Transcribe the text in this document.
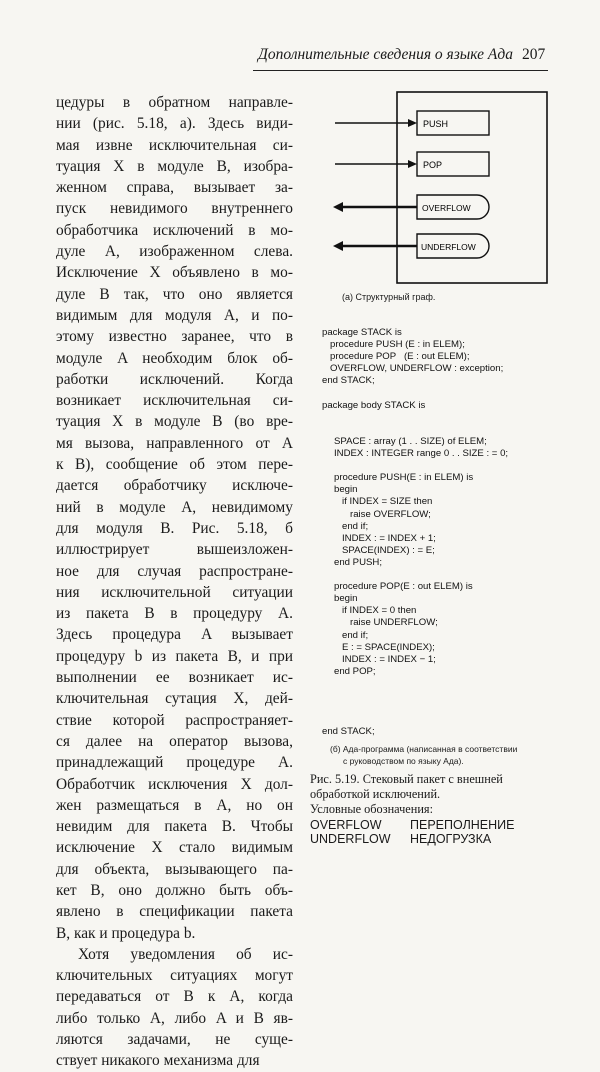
Дополнительные сведения о языке Ада 207
цедуры в обратном направле-
нии (рис. 5.18, а). Здесь види-
мая извне исключительная си-
туация X в модуле B, изобра-
женном справа, вызывает за-
пуск невидимого внутреннего
обработчика исключений в мо-
дуле A, изображенном слева.
Исключение X объявлено в мо-
дуле B так, что оно является
видимым для модуля A, и по-
этому известно заранее, что в
модуле A необходим блок об-
работки исключений. Когда
возникает исключительная си-
туация X в модуле B (во вре-
мя вызова, направленного от A
к B), сообщение об этом пере-
дается обработчику исключе-
ний в модуле A, невидимому
для модуля B. Рис. 5.18, б
иллюстрирует вышеизложен-
ное для случая распростране-
ния исключительной ситуации
из пакета B в процедуру A.
Здесь процедура A вызывает
процедуру b из пакета B, и при
выполнении ее возникает ис-
ключительная сутация X, дей-
ствие которой распространяет-
ся далее на оператор вызова,
принадлежащий процедуре A.
Обработчик исключения X дол-
жен размещаться в A, но он
невидим для пакета B. Чтобы
исключение X стало видимым
для объекта, вызывающего па-
кет B, оно должно быть объ-
явлено в спецификации пакета
B, как и процедура b.
Хотя уведомления об ис-
ключительных ситуациях могут
передаваться от B к A, когда
либо только A, либо A и B яв-
ляются задачами, не суще-
ствует никакого механизма для
PUSH
POP
OVERFLOW
UNDERFLOW
(а) Структурный граф.
package STACK is
procedure PUSH (E : in ELEM);
procedure POP   (E : out ELEM);
OVERFLOW, UNDERFLOW : exception;
end STACK;
package body STACK is
SPACE : array (1 . . SIZE) of ELEM;
INDEX : INTEGER range 0 . . SIZE : = 0;
procedure PUSH(E : in ELEM) is
begin
if INDEX = SIZE then
raise OVERFLOW;
end if;
INDEX : = INDEX + 1;
SPACE(INDEX) : = E;
end PUSH;
procedure POP(E : out ELEM) is
begin
if INDEX = 0 then
raise UNDERFLOW;
end if;
E : = SPACE(INDEX);
INDEX : = INDEX − 1;
end POP;
end STACK;
(б) Ада-программа (написанная в соответствии
с руководством по языку Ада).
Рис. 5.19. Стековый пакет с внешней
обработкой исключений.
Условные обозначения:
OVERFLOW ПЕРЕПОЛНЕНИЕ
UNDERFLOW НЕДОГРУЗКА
